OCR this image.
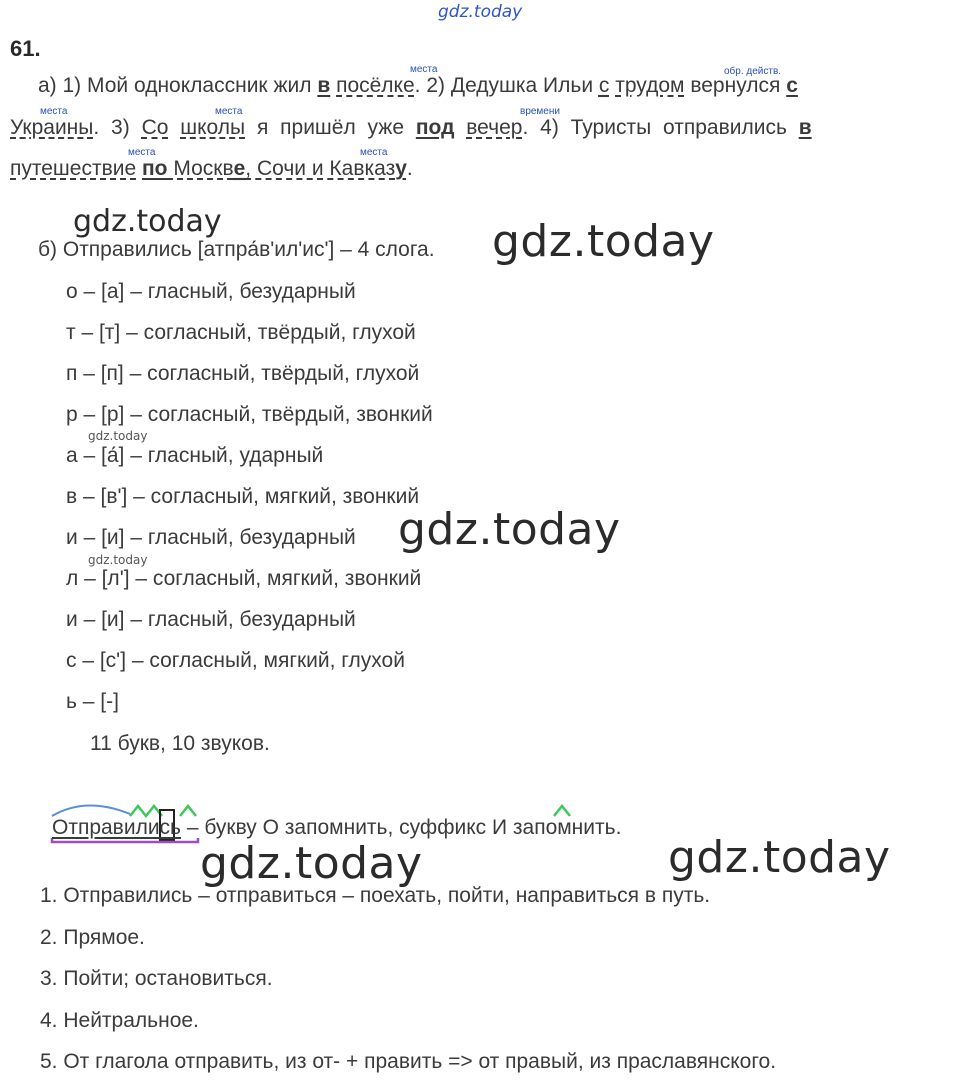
gdz.today
61.
места	обр. действ.
места	места	времени
места	места
а) 1) Мой одноклассник жил в посёлке. 2) Дедушка Ильи с трудом вернулся с
Украины. 3) Со школы я пришёл уже под вечер. 4) Туристы отправились в
путешествие по Москве, Сочи и Кавказу.
gdz.today	gdz.today
gdz.today
gdz.today
gdz.today
gdz.today	gdz.today
б) Отправились [атпра́в'ил'ис'] – 4 слога.
о – [а] – гласный, безударный
т – [т] – согласный, твёрдый, глухой
п – [п] – согласный, твёрдый, глухой
р – [р] – согласный, твёрдый, звонкий
а – [а́] – гласный, ударный
в – [в'] – согласный, мягкий, звонкий
и – [и] – гласный, безударный
л – [л'] – согласный, мягкий, звонкий
и – [и] – гласный, безударный
с – [с'] – согласный, мягкий, глухой
ь – [-]
11 букв, 10 звуков.
Отправились – букву О запомнить, суффикс И запомнить.
1. Отправились – отправиться – поехать, пойти, направиться в путь.
2. Прямое.
3. Пойти; остановиться.
4. Нейтральное.
5. От глагола отправить, из от- + править => от правый, из праславянского.
